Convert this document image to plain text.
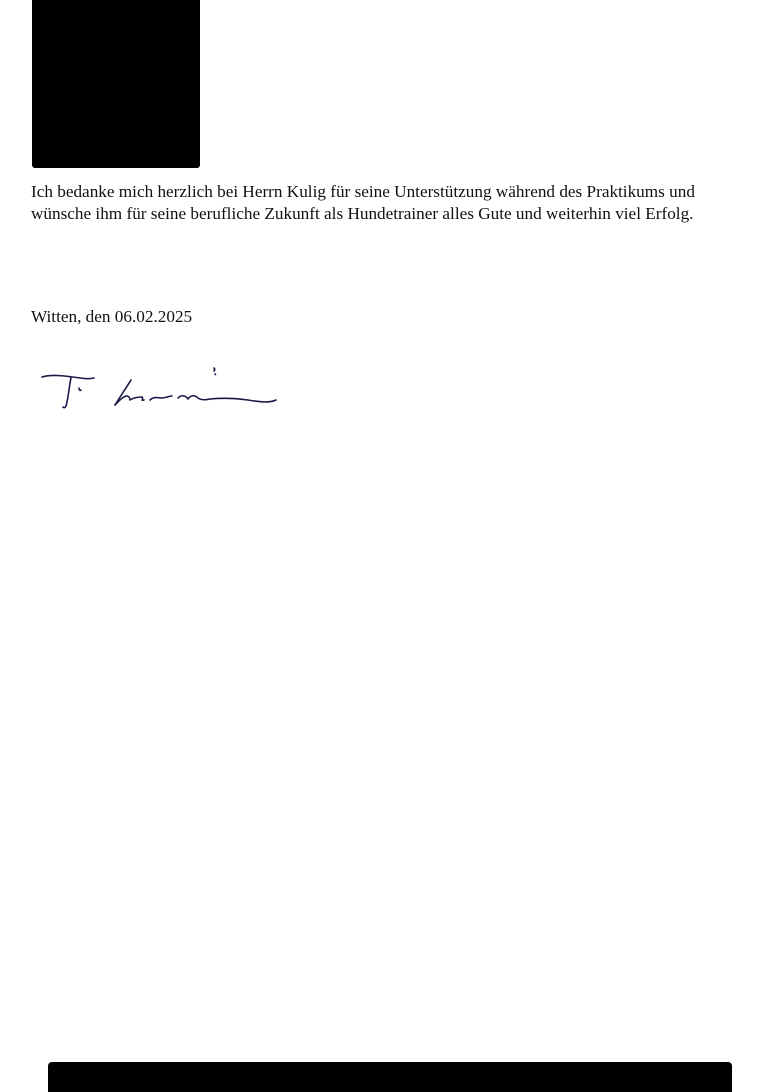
Ich bedanke mich herzlich bei Herrn Kulig für seine Unterstützung während des Praktikums und
wünsche ihm für seine berufliche Zukunft als Hundetrainer alles Gute und weiterhin viel Erfolg.

Witten, den 06.02.2025
